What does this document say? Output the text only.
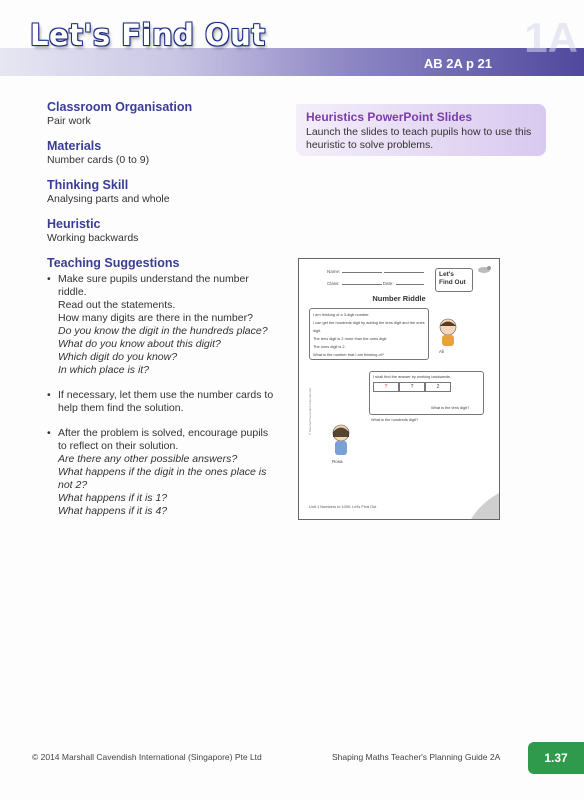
1A
Let's Find Out
AB 2A p 21

Classroom Organisation

Pair work

Materials

Number cards (0 to 9)

Thinking Skill

Analysing parts and whole

Heuristic

Working backwards

Teaching Suggestions

• Make sure pupils understand the number riddle.
Read out the statements.
How many digits are there in the number?
Do you know the digit in the hundreds place?
What do you know about this digit?
Which digit do you know?
In which place is it?
• If necessary, let them use the number cards to help them find the solution.
• After the problem is solved, encourage pupils to reflect on their solution.
Are there any other possible answers?
What happens if the digit in the ones place is not 2?
What happens if it is 1?
What happens if it is 4?

Heuristics PowerPoint Slides

Launch the slides to teach pupils how to use this heuristic to solve problems.

Name:
Class:	Date:
Let's Find Out
Number Riddle
I am thinking of a 3-digit number.
I can get the hundreds digit by adding the tens digit and the ones digit.
The tens digit is 2 more than the ones digit.
The ones digit is 2.
What is the number that I am thinking of?
Ali
I shall find the answer by working backwards.
?	?	2
What is the tens digit?
What is the hundreds digit?
Rosa
© Marshall Cavendish International
Unit 1 Numbers to 1000: Let's Find Out
© 2014 Marshall Cavendish International (Singapore) Pte Ltd	Shaping Maths Teacher's Planning Guide 2A	1.37
